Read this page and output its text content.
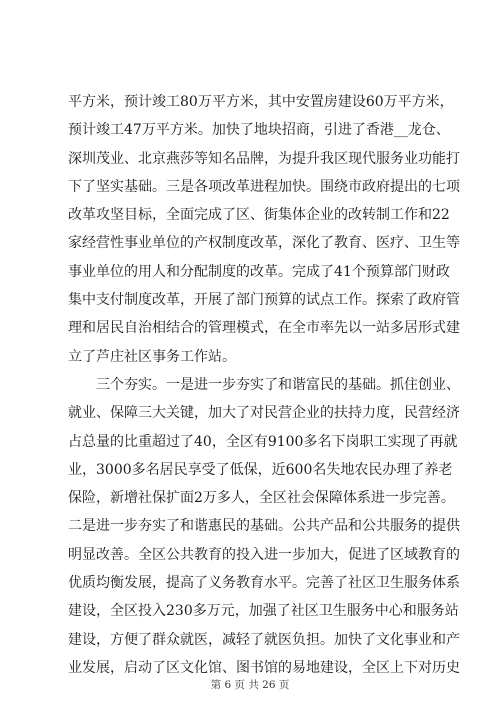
平方米，预计竣工80万平方米，其中安置房建设60万平方米，
预计竣工47万平方米。加快了地块招商，引进了香港__龙仓、
深圳茂业、北京燕莎等知名品牌，为提升我区现代服务业功能打
下了坚实基础。三是各项改革进程加快。围绕市政府提出的七项
改革攻坚目标，全面完成了区、街集体企业的改转制工作和22
家经营性事业单位的产权制度改革，深化了教育、医疗、卫生等
事业单位的用人和分配制度的改革。完成了41个预算部门财政
集中支付制度改革，开展了部门预算的试点工作。探索了政府管
理和居民自治相结合的管理模式，在全市率先以一站多居形式建
立了芦庄社区事务工作站。
三个夯实。一是进一步夯实了和谐富民的基础。抓住创业、
就业、保障三大关键，加大了对民营企业的扶持力度，民营经济
占总量的比重超过了40，全区有9100多名下岗职工实现了再就
业，3000多名居民享受了低保，近600名失地农民办理了养老
保险，新增社保扩面2万多人，全区社会保障体系进一步完善。
二是进一步夯实了和谐惠民的基础。公共产品和公共服务的提供
明显改善。全区公共教育的投入进一步加大，促进了区域教育的
优质均衡发展，提高了义务教育水平。完善了社区卫生服务体系
建设，全区投入230多万元，加强了社区卫生服务中心和服务站
建设，方便了群众就医，减轻了就医负担。加快了文化事业和产
业发展，启动了区文化馆、图书馆的易地建设，全区上下对历史
第 6 页 共 26 页
